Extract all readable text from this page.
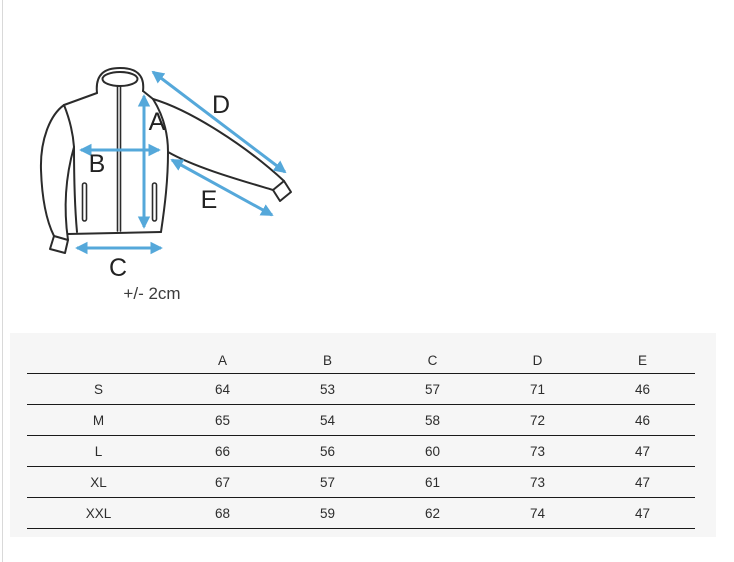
A
B
C
D
E
+/- 2cm
	A	B	C	D	E
S	64	53	57	71	46
M	65	54	58	72	46
L	66	56	60	73	47
XL	67	57	61	73	47
XXL	68	59	62	74	47
